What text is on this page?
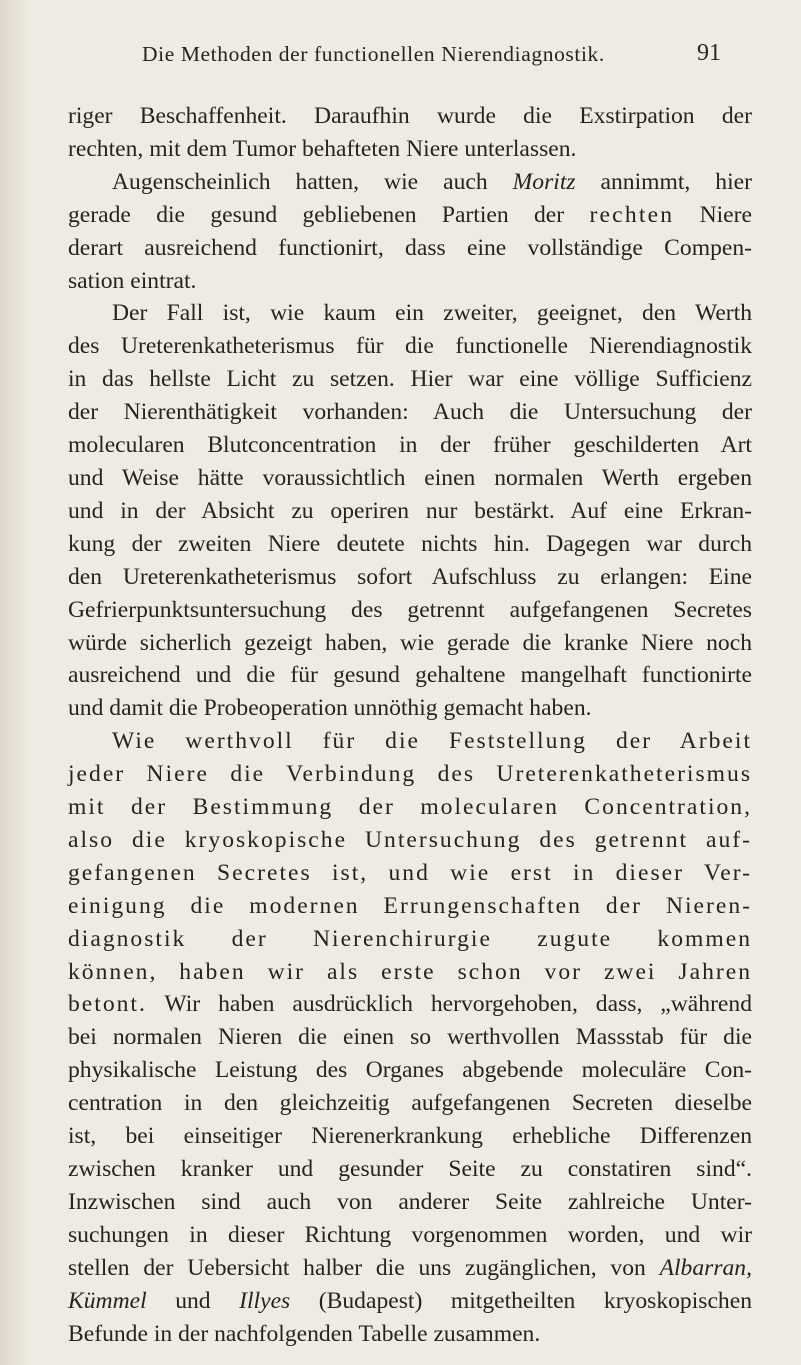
Die Methoden der functionellen Nierendiagnostik.	91

riger Beschaffenheit. Daraufhin wurde die Exstirpation der
rechten, mit dem Tumor behafteten Niere unterlassen.

Augenscheinlich hatten, wie auch Moritz annimmt, hier
gerade die gesund gebliebenen Partien der rechten Niere
derart ausreichend functionirt, dass eine vollständige Compen-
sation eintrat.

Der Fall ist, wie kaum ein zweiter, geeignet, den Werth
des Ureterenkatheterismus für die functionelle Nierendiagnostik
in das hellste Licht zu setzen. Hier war eine völlige Sufficienz
der Nierenthätigkeit vorhanden: Auch die Untersuchung der
molecularen Blutconcentration in der früher geschilderten Art
und Weise hätte voraussichtlich einen normalen Werth ergeben
und in der Absicht zu operiren nur bestärkt. Auf eine Erkran-
kung der zweiten Niere deutete nichts hin. Dagegen war durch
den Ureterenkatheterismus sofort Aufschluss zu erlangen: Eine
Gefrierpunktsuntersuchung des getrennt aufgefangenen Secretes
würde sicherlich gezeigt haben, wie gerade die kranke Niere noch
ausreichend und die für gesund gehaltene mangelhaft functionirte
und damit die Probeoperation unnöthig gemacht haben.

Wie werthvoll für die Feststellung der Arbeit
jeder Niere die Verbindung des Ureterenkatheterismus
mit der Bestimmung der molecularen Concentration,
also die kryoskopische Untersuchung des getrennt auf-
gefangenen Secretes ist, und wie erst in dieser Ver-
einigung die modernen Errungenschaften der Nieren-
diagnostik der Nierenchirurgie zugute kommen
können, haben wir als erste schon vor zwei Jahren
betont. Wir haben ausdrücklich hervorgehoben, dass, „während
bei normalen Nieren die einen so werthvollen Massstab für die
physikalische Leistung des Organes abgebende moleculäre Con-
centration in den gleichzeitig aufgefangenen Secreten dieselbe
ist, bei einseitiger Nierenerkrankung erhebliche Differenzen
zwischen kranker und gesunder Seite zu constatiren sind“.
Inzwischen sind auch von anderer Seite zahlreiche Unter-
suchungen in dieser Richtung vorgenommen worden, und wir
stellen der Uebersicht halber die uns zugänglichen, von Albarran,
Kümmel und Illyes (Budapest) mitgetheilten kryoskopischen
Befunde in der nachfolgenden Tabelle zusammen.
